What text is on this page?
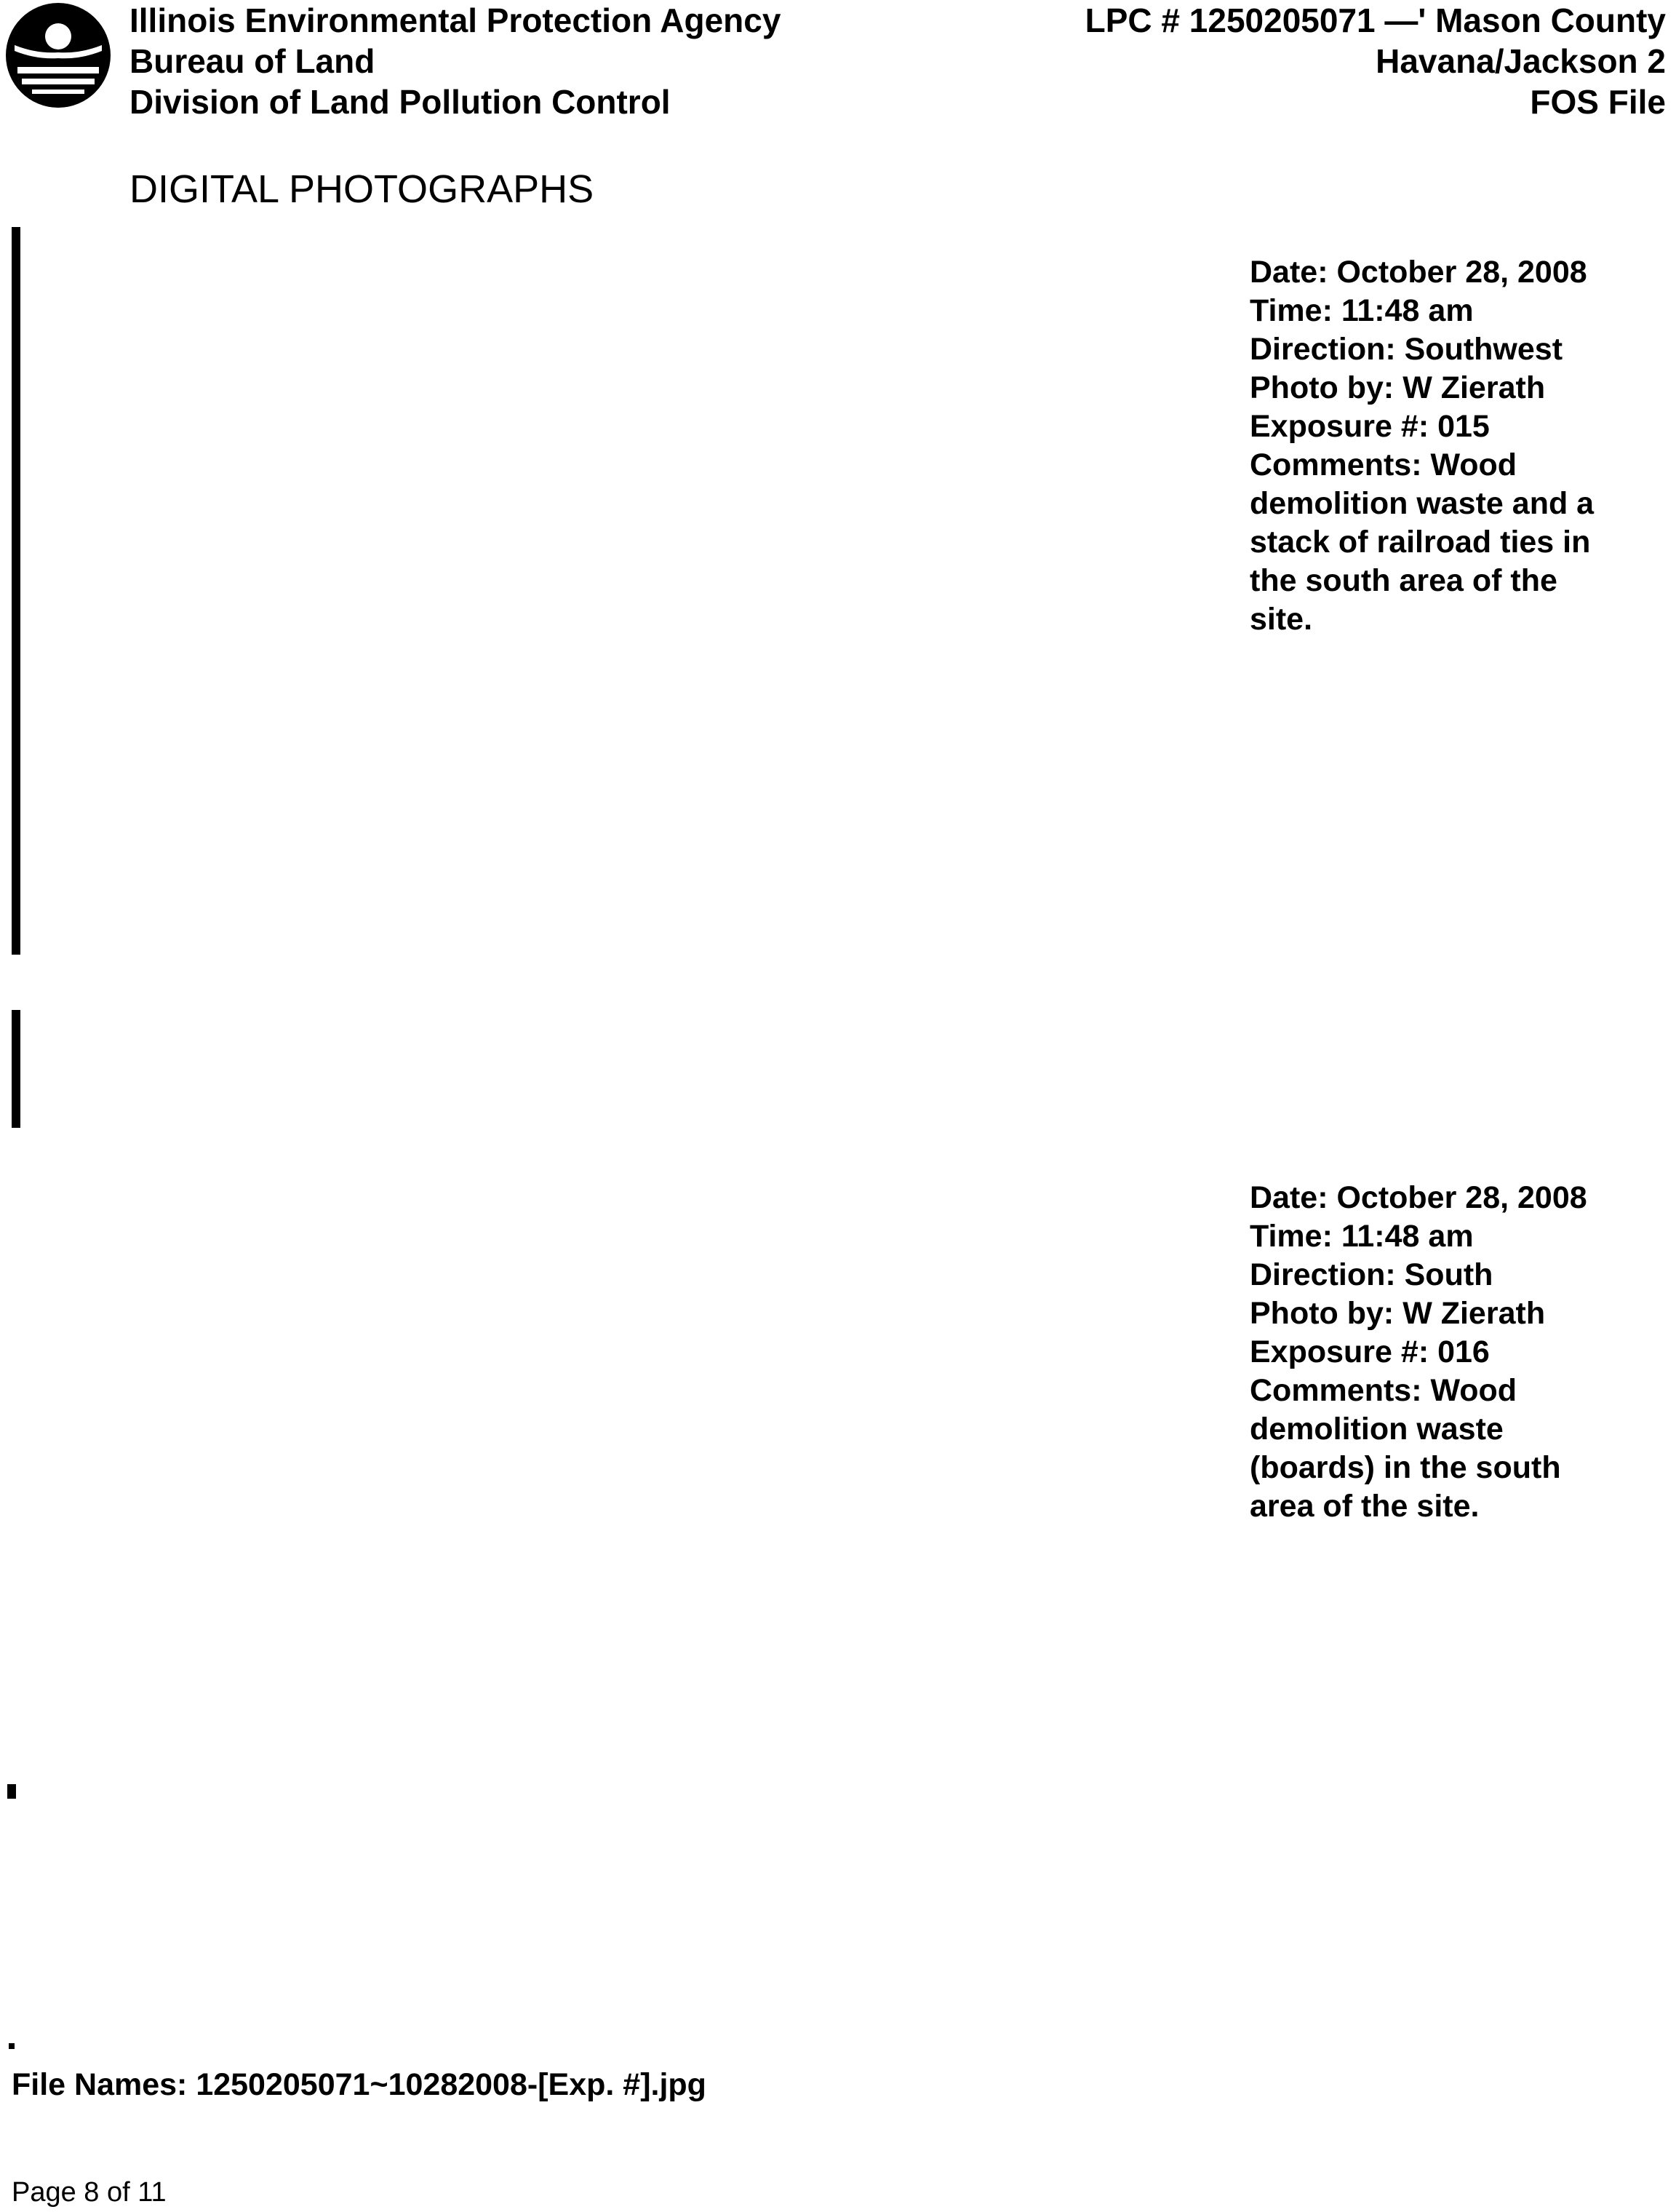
Illinois Environmental Protection Agency
Bureau of Land
Division of Land Pollution Control
LPC # 1250205071 —' Mason County
Havana/Jackson 2
FOS File
DIGITAL PHOTOGRAPHS
Date: October 28, 2008
Time: 11:48 am
Direction: Southwest
Photo by: W Zierath
Exposure #: 015
Comments: Wood
demolition waste and a
stack of railroad ties in
the south area of the
site.
Date: October 28, 2008
Time: 11:48 am
Direction: South
Photo by: W Zierath
Exposure #: 016
Comments: Wood
demolition waste
(boards) in the south
area of the site.
File Names: 1250205071~10282008-[Exp. #].jpg
Page 8 of 11
